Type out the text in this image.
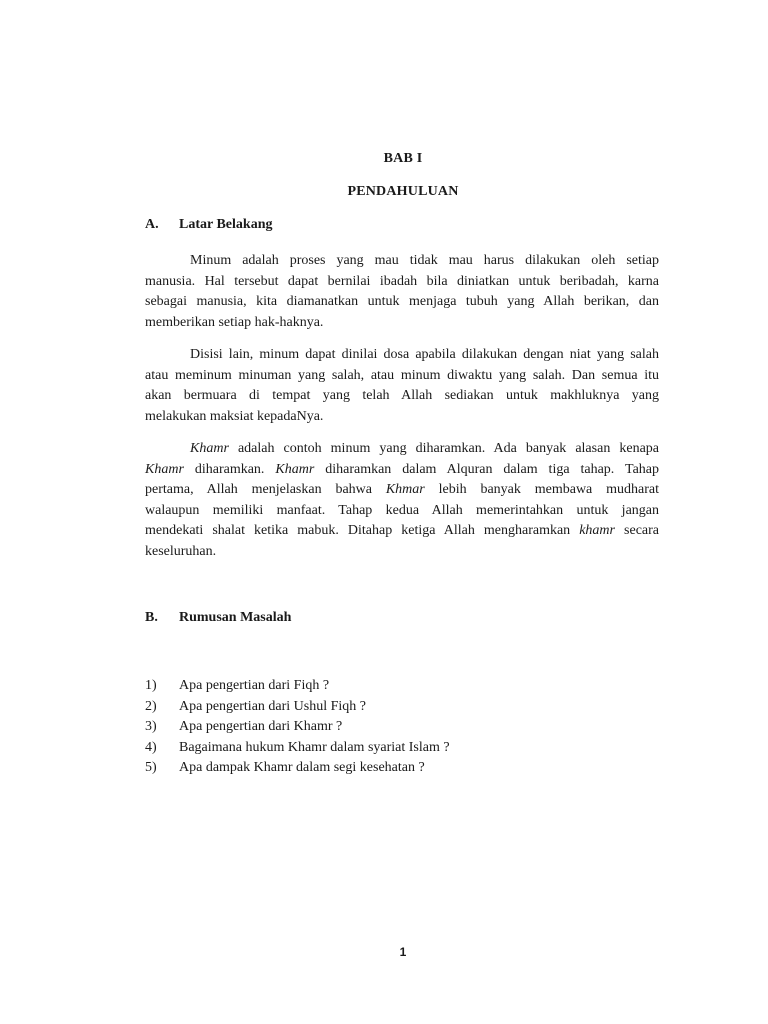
BAB I
PENDAHULUAN
A. Latar Belakang
Minum adalah proses yang mau tidak mau harus dilakukan oleh setiap
manusia. Hal tersebut dapat bernilai ibadah bila diniatkan untuk beribadah, karna
sebagai manusia, kita diamanatkan untuk menjaga tubuh yang Allah berikan, dan
memberikan setiap hak-haknya.
Disisi lain, minum dapat dinilai dosa apabila dilakukan dengan niat yang salah
atau meminum minuman yang salah, atau minum diwaktu yang salah. Dan semua itu
akan bermuara di tempat yang telah Allah sediakan untuk makhluknya yang
melakukan maksiat kepadaNya.
Khamr adalah contoh minum yang diharamkan. Ada banyak alasan kenapa
Khamr diharamkan. Khamr diharamkan dalam Alquran dalam tiga tahap. Tahap
pertama, Allah menjelaskan bahwa Khmar lebih banyak membawa mudharat
walaupun memiliki manfaat. Tahap kedua Allah memerintahkan untuk jangan
mendekati shalat ketika mabuk. Ditahap ketiga Allah mengharamkan khamr secara
keseluruhan.
B. Rumusan Masalah
1) Apa pengertian dari Fiqh ?
2) Apa pengertian dari Ushul Fiqh ?
3) Apa pengertian dari Khamr ?
4) Bagaimana hukum Khamr dalam syariat Islam ?
5) Apa dampak Khamr dalam segi kesehatan ?
1
